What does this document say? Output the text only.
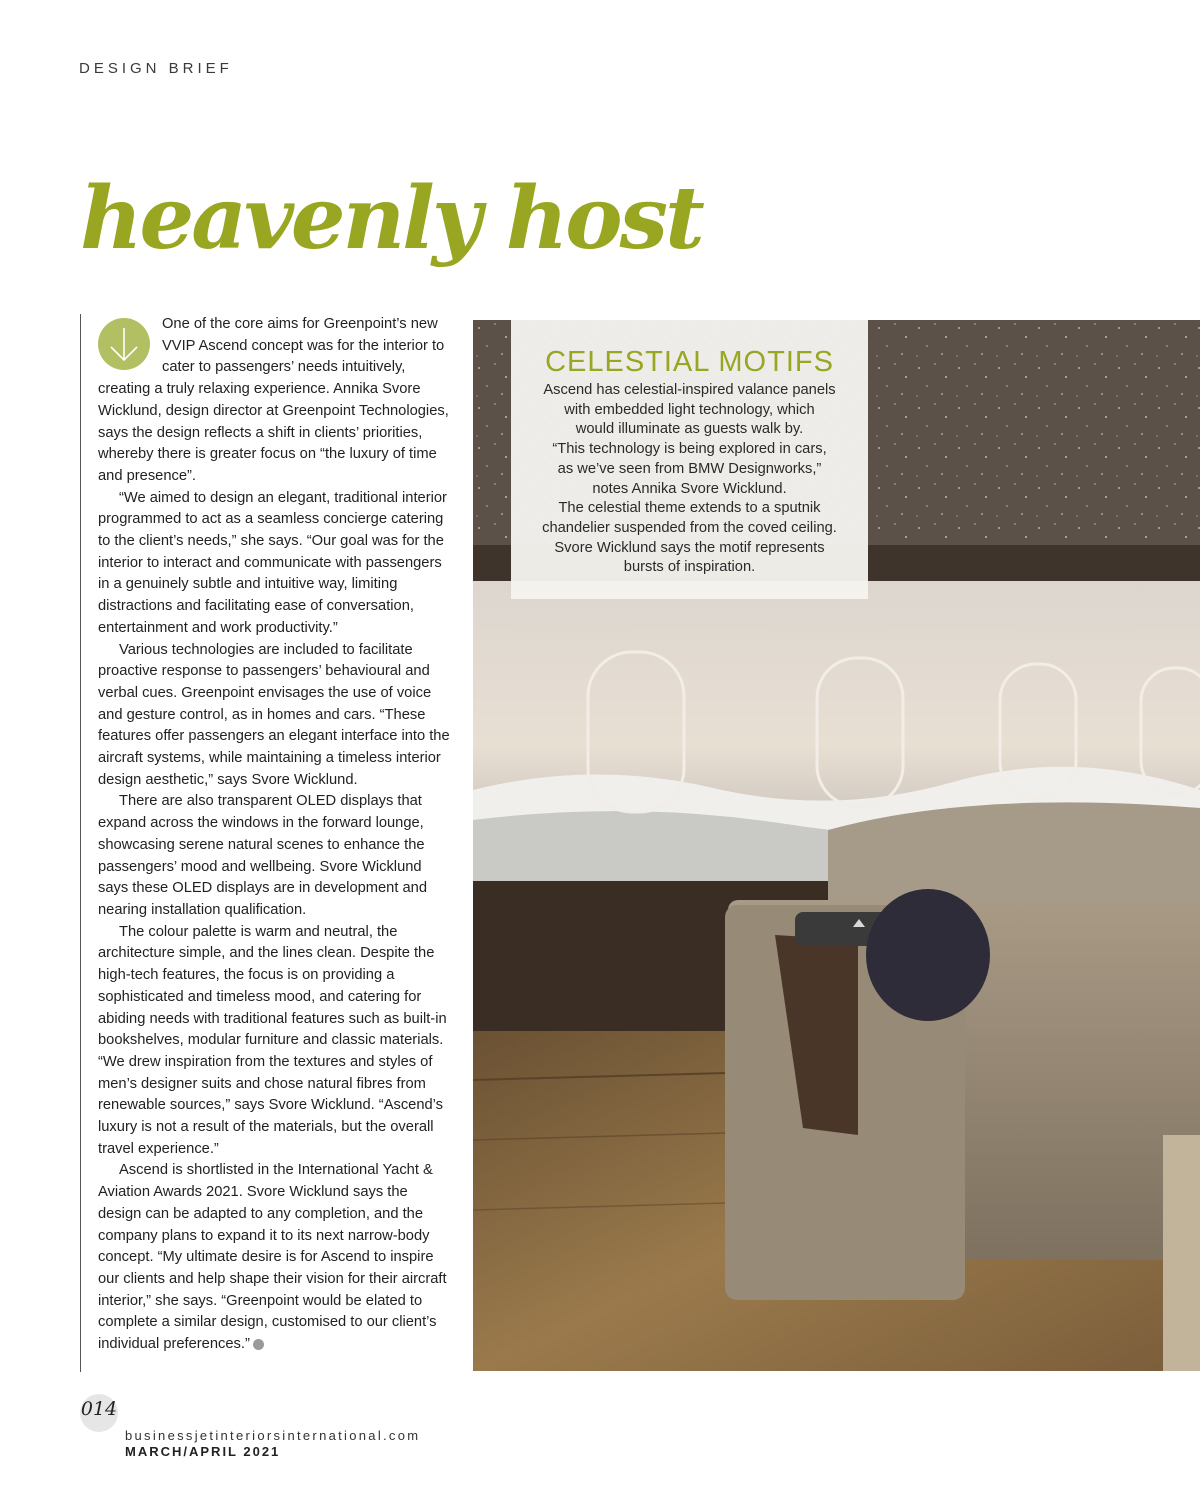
DESIGN BRIEF
heavenly host

One of the core aims for Greenpoint’s new VVIP Ascend concept was for the interior to cater to passengers’ needs intuitively, creating a truly relaxing experience. Annika Svore Wicklund, design director at Greenpoint Technologies, says the design reflects a shift in clients’ priorities, whereby there is greater focus on “the luxury of time and presence”.

“We aimed to design an elegant, traditional interior programmed to act as a seamless concierge catering to the client’s needs,” she says. “Our goal was for the interior to interact and communicate with passengers in a genuinely subtle and intuitive way, limiting distractions and facilitating ease of conversation, entertainment and work productivity.”

Various technologies are included to facilitate proactive response to passengers’ behavioural and verbal cues. Greenpoint envisages the use of voice and gesture control, as in homes and cars. “These features offer passengers an elegant interface into the aircraft systems, while maintaining a timeless interior design aesthetic,” says Svore Wicklund.

There are also transparent OLED displays that expand across the windows in the forward lounge, showcasing serene natural scenes to enhance the passengers’ mood and wellbeing. Svore Wicklund says these OLED displays are in development and nearing installation qualification.

The colour palette is warm and neutral, the architecture simple, and the lines clean. Despite the high-tech features, the focus is on providing a sophisticated and timeless mood, and catering for abiding needs with traditional features such as built-in bookshelves, modular furniture and classic materials. “We drew inspiration from the textures and styles of men’s designer suits and chose natural fibres from renewable sources,” says Svore Wicklund. “Ascend’s luxury is not a result of the materials, but the overall travel experience.”

Ascend is shortlisted in the International Yacht & Aviation Awards 2021. Svore Wicklund says the design can be adapted to any completion, and the company plans to expand it to its next narrow-body concept. “My ultimate desire is for Ascend to inspire our clients and help shape their vision for their aircraft interior,” she says. “Greenpoint would be elated to complete a similar design, customised to our client’s individual preferences.”	✕

CELESTIAL MOTIFS
Ascend has celestial-inspired valance panels
with embedded light technology, which
would illuminate as guests walk by.
“This technology is being explored in cars,
as we’ve seen from BMW Designworks,”
notes Annika Svore Wicklund.
The celestial theme extends to a sputnik
chandelier suspended from the coved ceiling.
Svore Wicklund says the motif represents
bursts of inspiration.
014
businessjetinteriorsinternational.com
MARCH/APRIL 2021
